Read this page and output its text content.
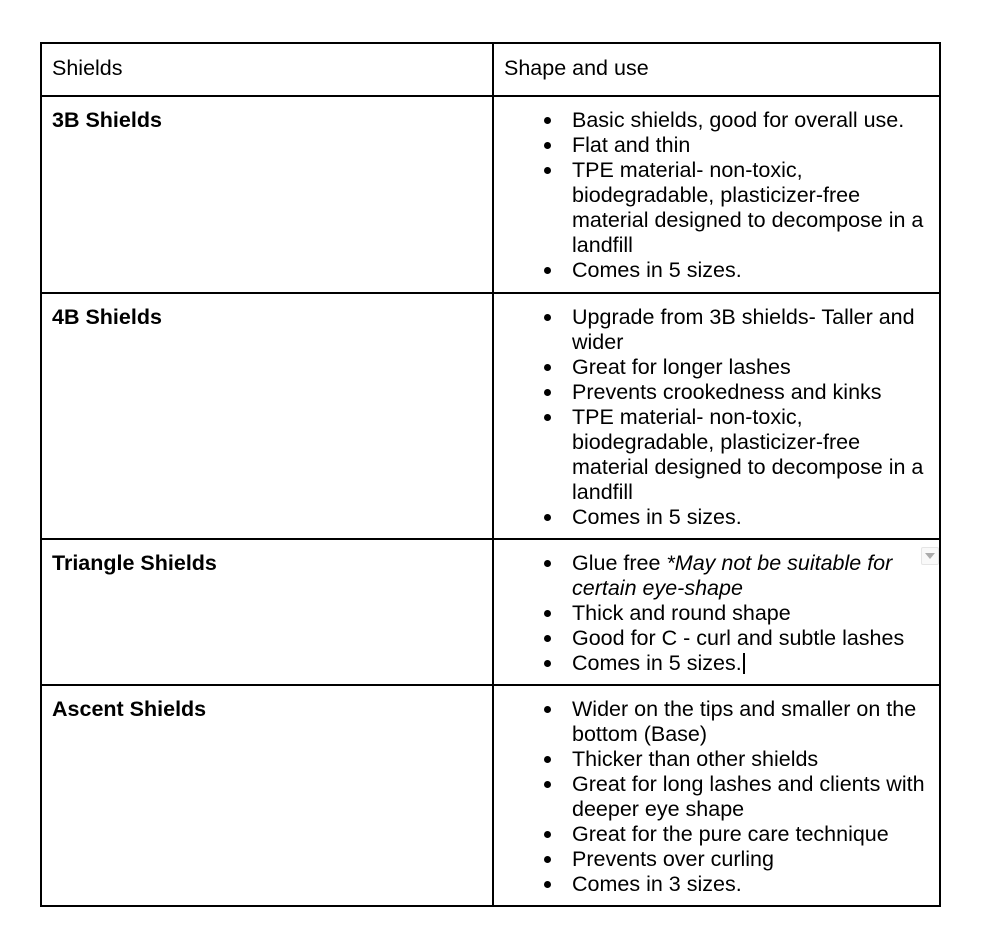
Shields	Shape and use
3B Shields	Basic shields, good for overall use.
Flat and thin
TPE material- non-toxic, biodegradable, plasticizer-free material designed to decompose in a landfill
Comes in 5 sizes.
4B Shields	Upgrade from 3B shields- Taller and wider
Great for longer lashes
Prevents crookedness and kinks
TPE material- non-toxic, biodegradable, plasticizer-free material designed to decompose in a landfill
Comes in 5 sizes.
Triangle Shields	Glue free *May not be suitable for certain eye-shape
Thick and round shape
Good for C - curl and subtle lashes
Comes in 5 sizes.
Ascent Shields	Wider on the tips and smaller on the bottom (Base)
Thicker than other shields
Great for long lashes and clients with deeper eye shape
Great for the pure care technique
Prevents over curling
Comes in 3 sizes.
